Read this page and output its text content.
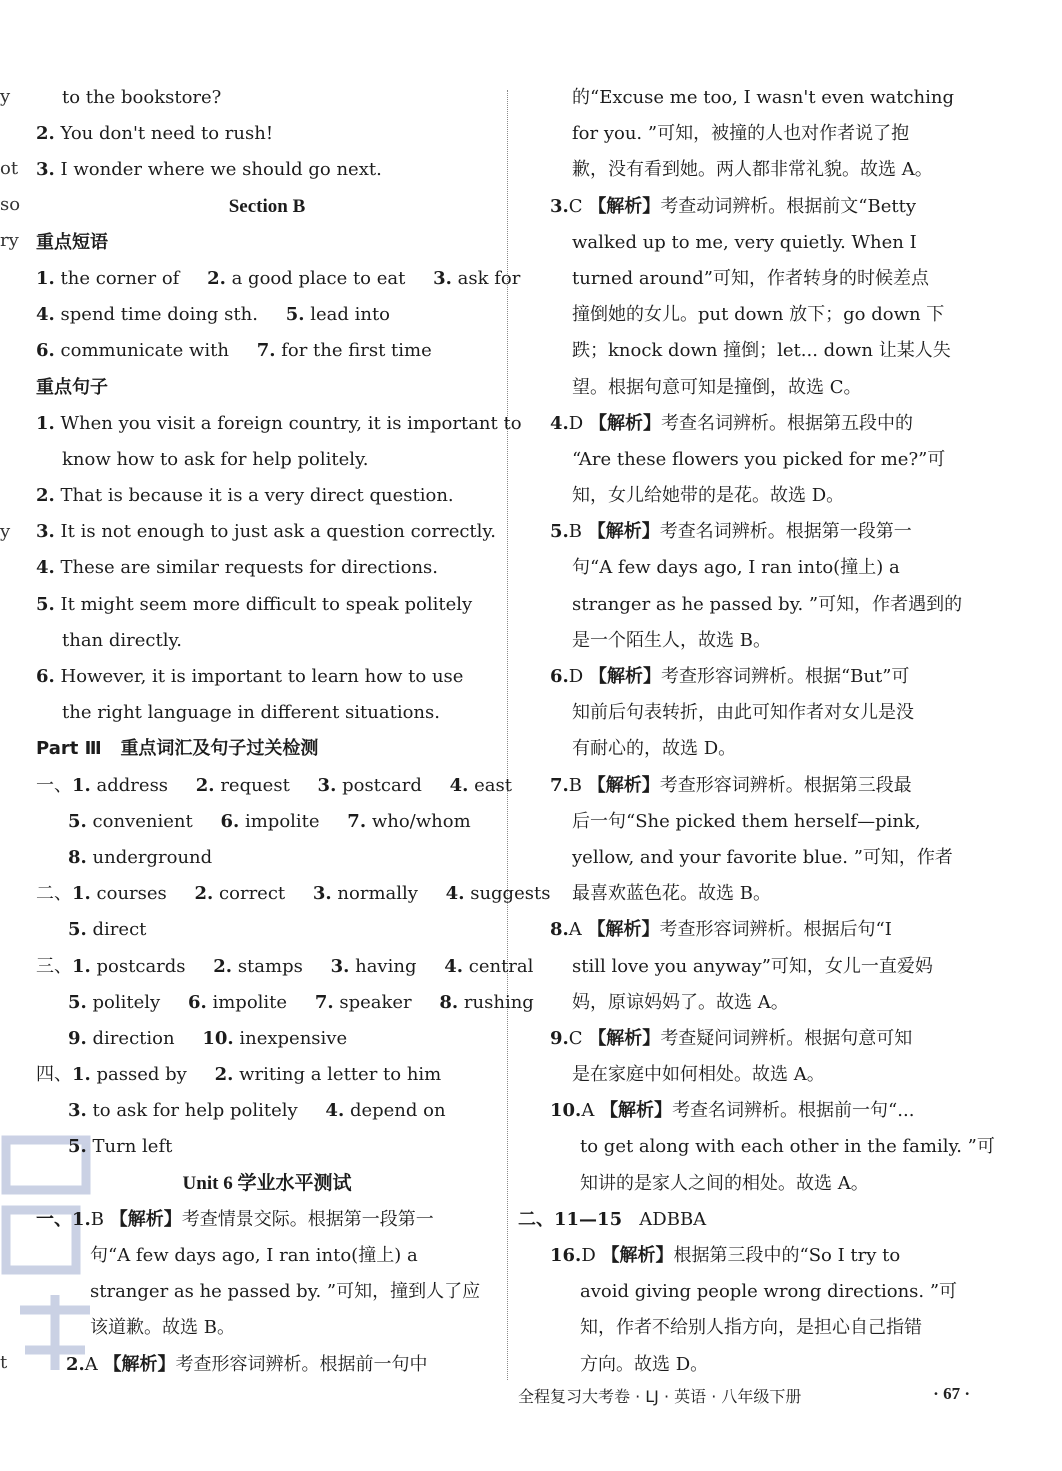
y
ot
so
ry
y
t
to the bookstore?
2. You don't need to rush!
3. I wonder where we should go next.
Section B
重点短语
1. the corner of 2. a good place to eat 3. ask for
4. spend time doing sth. 5. lead into
6. communicate with 7. for the first time
重点句子
1. When you visit a foreign country, it is important to
know how to ask for help politely.
2. That is because it is a very direct question.
3. It is not enough to just ask a question correctly.
4. These are similar requests for directions.
5. It might seem more difficult to speak politely
than directly.
6. However, it is important to learn how to use
the right language in different situations.
Part Ⅲ 重点词汇及句子过关检测
一、1. address 2. request 3. postcard 4. east
5. convenient 6. impolite 7. who/whom
8. underground
二、1. courses 2. correct 3. normally 4. suggests
5. direct
三、1. postcards 2. stamps 3. having 4. central
5. politely 6. impolite 7. speaker 8. rushing
9. direction 10. inexpensive
四、1. passed by 2. writing a letter to him
3. to ask for help politely 4. depend on
5. Turn left
Unit 6 学业水平测试
一、1.B 【解析】考查情景交际。根据第一段第一
句“A few days ago, I ran into(撞上) a
stranger as he passed by. ”可知，撞到人了应
该道歉。故选 B。
2.A 【解析】考查形容词辨析。根据前一句中
的“Excuse me too, I wasn't even watching
for you. ”可知，被撞的人也对作者说了抱
歉，没有看到她。两人都非常礼貌。故选 A。
3.C 【解析】考查动词辨析。根据前文“Betty
walked up to me, very quietly. When I
turned around”可知，作者转身的时候差点
撞倒她的女儿。put down 放下；go down 下
跌；knock down 撞倒；let... down 让某人失
望。根据句意可知是撞倒，故选 C。
4.D 【解析】考查名词辨析。根据第五段中的
“Are these flowers you picked for me?”可
知，女儿给她带的是花。故选 D。
5.B 【解析】考查名词辨析。根据第一段第一
句“A few days ago, I ran into(撞上) a
stranger as he passed by. ”可知，作者遇到的
是一个陌生人，故选 B。
6.D 【解析】考查形容词辨析。根据“But”可
知前后句表转折，由此可知作者对女儿是没
有耐心的，故选 D。
7.B 【解析】考查形容词辨析。根据第三段最
后一句“She picked them herself—pink,
yellow, and your favorite blue. ”可知，作者
最喜欢蓝色花。故选 B。
8.A 【解析】考查形容词辨析。根据后句“I
still love you anyway”可知，女儿一直爱妈
妈，原谅妈妈了。故选 A。
9.C 【解析】考查疑问词辨析。根据句意可知
是在家庭中如何相处。故选 A。
10.A 【解析】考查名词辨析。根据前一句“...
to get along with each other in the family. ”可
知讲的是家人之间的相处。故选 A。
二、11—15 ADBBA
16.D 【解析】根据第三段中的“So I try to
avoid giving people wrong directions. ”可
知，作者不给别人指方向，是担心自己指错
方向。故选 D。
全程复习大考卷 · LJ · 英语 · 八年级下册	· 67 ·
